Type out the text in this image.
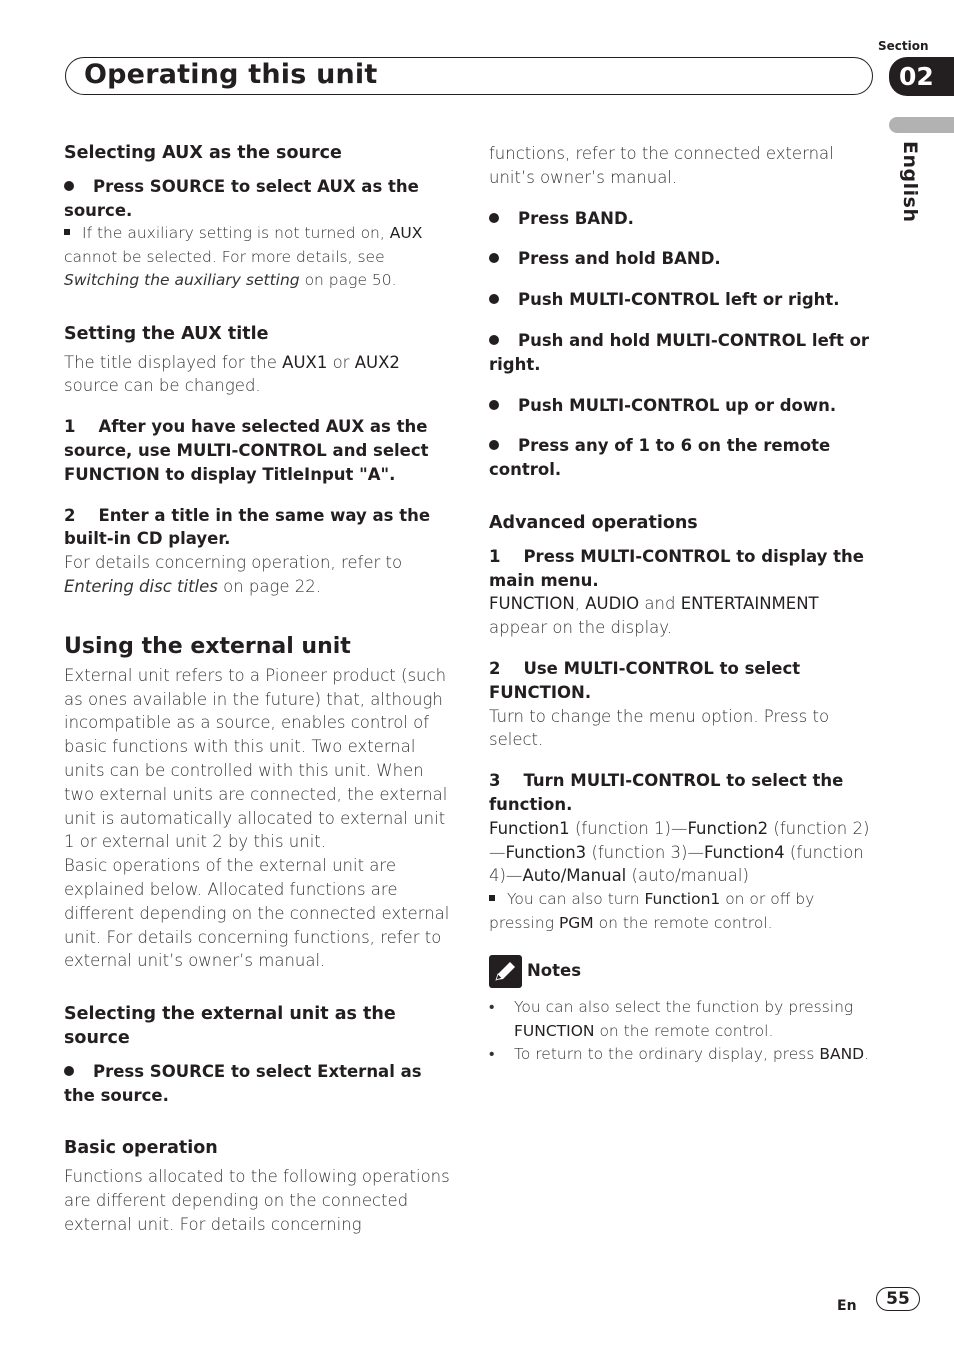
Section
Operating this unit	02
English

Selecting AUX as the source

Press SOURCE to select AUX as the source.

If the auxiliary setting is not turned on, AUX cannot be selected. For more details, see Switching the auxiliary setting on page 50.

Setting the AUX title

The title displayed for the AUX1 or AUX2 source can be changed.

1    After you have selected AUX as the source, use MULTI-CONTROL and select FUNCTION to display TitleInput "A".

2    Enter a title in the same way as the built-in CD player.

For details concerning operation, refer to Entering disc titles on page 22.

Using the external unit

External unit refers to a Pioneer product (such as ones available in the future) that, although incompatible as a source, enables control of basic functions with this unit. Two external units can be controlled with this unit. When two external units are connected, the external unit is automatically allocated to external unit 1 or external unit 2 by this unit.

Basic operations of the external unit are explained below. Allocated functions are different depending on the connected external unit. For details concerning functions, refer to external unit’s owner’s manual.

Selecting the external unit as the source

Press SOURCE to select External as the source.

Basic operation

Functions allocated to the following operations are different depending on the connected external unit. For details concerning

functions, refer to the connected external unit’s owner’s manual.

Press BAND.

Press and hold BAND.

Push MULTI-CONTROL left or right.

Push and hold MULTI-CONTROL left or right.

Push MULTI-CONTROL up or down.

Press any of 1 to 6 on the remote control.

Advanced operations

1    Press MULTI-CONTROL to display the main menu.

FUNCTION, AUDIO and ENTERTAINMENT appear on the display.

2    Use MULTI-CONTROL to select FUNCTION.

Turn to change the menu option. Press to select.

3    Turn MULTI-CONTROL to select the function.

Function1 (function 1)—Function2 (function 2)—Function3 (function 3)—Function4 (function 4)—Auto/Manual (auto/manual)

You can also turn Function1 on or off by pressing PGM on the remote control.

Notes
• You can also select the function by pressing FUNCTION on the remote control.
• To return to the ordinary display, press BAND.
En	55
